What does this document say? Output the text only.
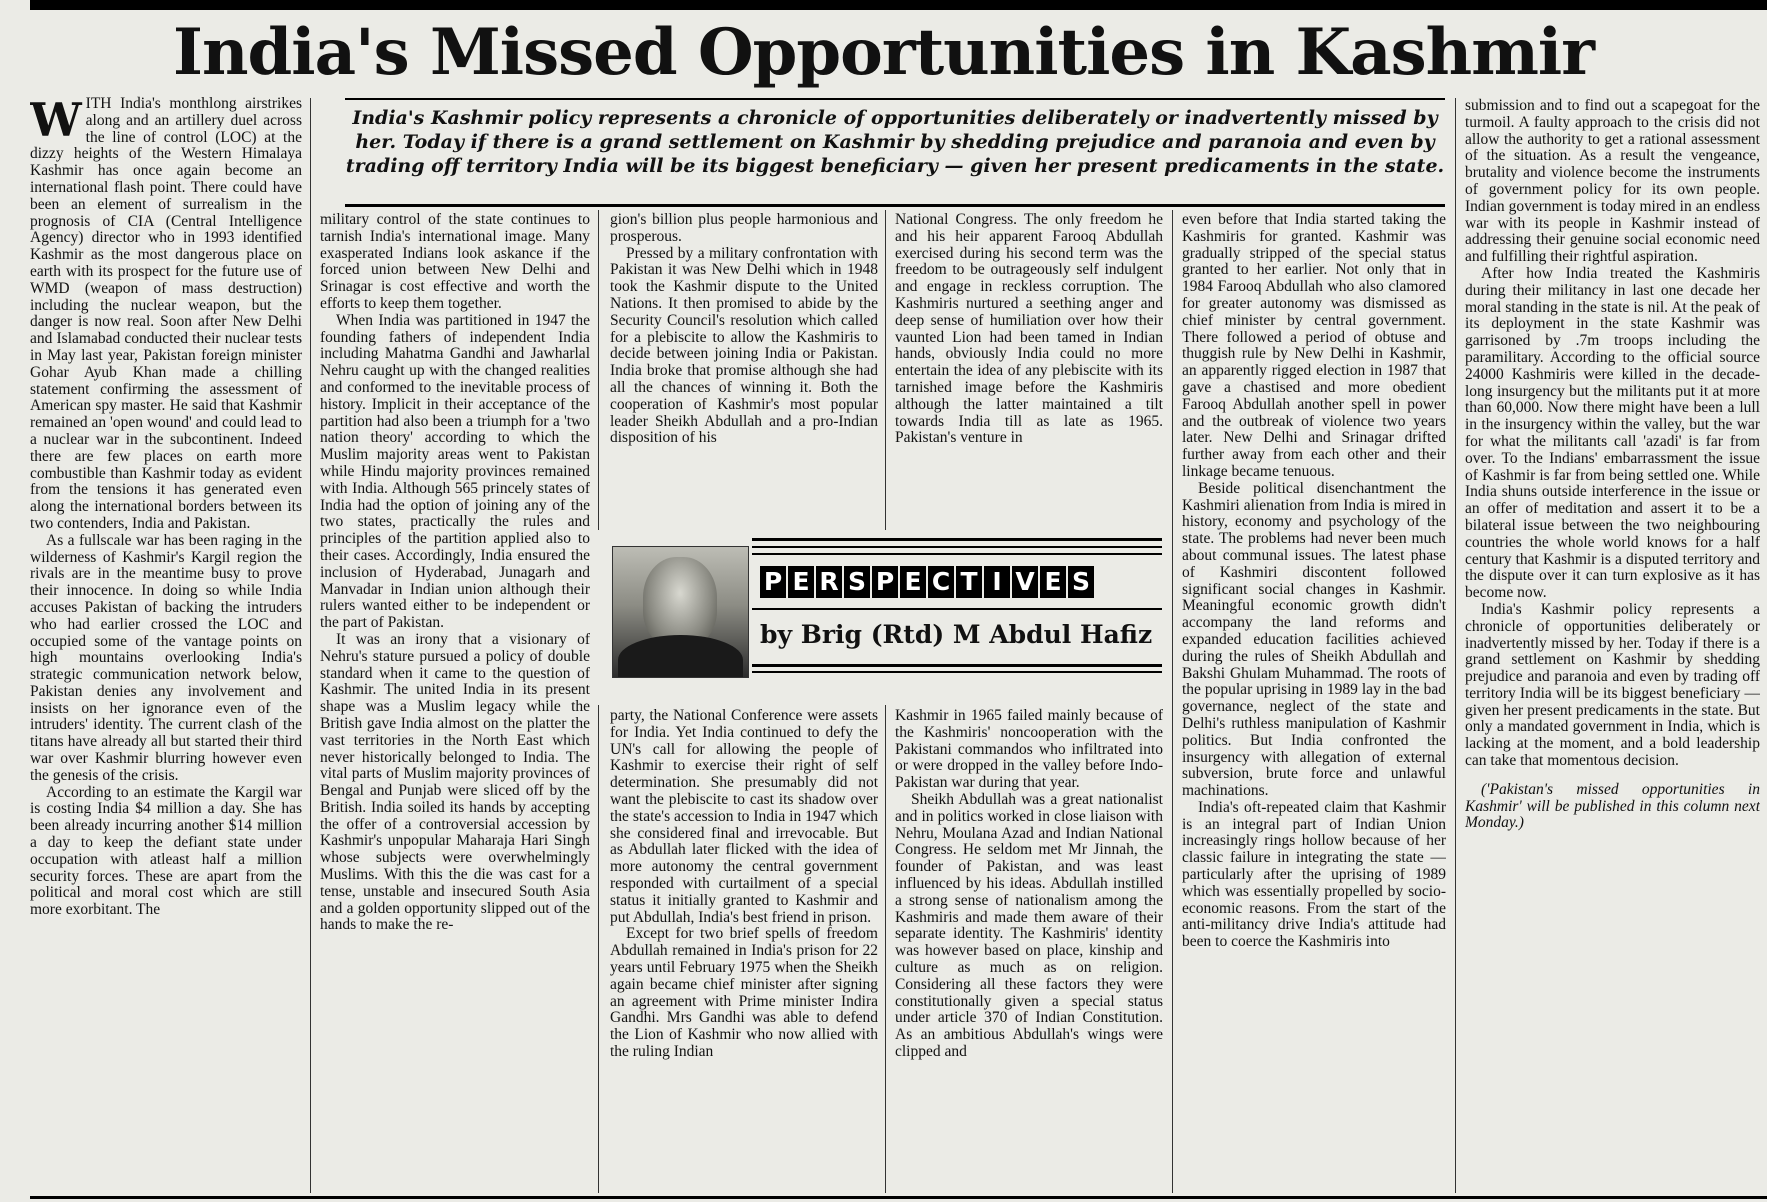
India's Missed Opportunities in Kashmir
India's Kashmir policy represents a chronicle of opportunities deliberately or inadvertently missed by her. Today if there is a grand settlement on Kashmir by shedding prejudice and paranoia and even by trading off territory India will be its biggest beneficiary — given her present predicaments in the state.

WITH India's monthlong airstrikes along and an artillery duel across the line of control (LOC) at the dizzy heights of the Western Himalaya Kashmir has once again become an international flash point. There could have been an element of surrealism in the prognosis of CIA (Central Intelligence Agency) director who in 1993 identified Kashmir as the most dangerous place on earth with its prospect for the future use of WMD (weapon of mass destruction) including the nuclear weapon, but the danger is now real. Soon after New Delhi and Islamabad conducted their nuclear tests in May last year, Pakistan foreign minister Gohar Ayub Khan made a chilling statement confirming the assessment of American spy master. He said that Kashmir remained an 'open wound' and could lead to a nuclear war in the subcontinent. Indeed there are few places on earth more combustible than Kashmir today as evident from the tensions it has generated even along the international borders between its two contenders, India and Pakistan.

As a fullscale war has been raging in the wilderness of Kashmir's Kargil region the rivals are in the meantime busy to prove their innocence. In doing so while India accuses Pakistan of backing the intruders who had earlier crossed the LOC and occupied some of the vantage points on high mountains overlooking India's strategic communication network below, Pakistan denies any involvement and insists on her ignorance even of the intruders' identity. The current clash of the titans have already all but started their third war over Kashmir blurring however even the genesis of the crisis.

According to an estimate the Kargil war is costing India $4 million a day. She has been already incurring another $14 million a day to keep the defiant state under occupation with atleast half a million security forces. These are apart from the political and moral cost which are still more exorbitant. The

military control of the state continues to tarnish India's international image. Many exasperated Indians look askance if the forced union between New Delhi and Srinagar is cost effective and worth the efforts to keep them together.

When India was partitioned in 1947 the founding fathers of independent India including Mahatma Gandhi and Jawharlal Nehru caught up with the changed realities and conformed to the inevitable process of history. Implicit in their acceptance of the partition had also been a triumph for a 'two nation theory' according to which the Muslim majority areas went to Pakistan while Hindu majority provinces remained with India. Although 565 princely states of India had the option of joining any of the two states, practically the rules and principles of the partition applied also to their cases. Accordingly, India ensured the inclusion of Hyderabad, Junagarh and Manvadar in Indian union although their rulers wanted either to be independent or the part of Pakistan.

It was an irony that a visionary of Nehru's stature pursued a policy of double standard when it came to the question of Kashmir. The united India in its present shape was a Muslim legacy while the British gave India almost on the platter the vast territories in the North East which never historically belonged to India. The vital parts of Muslim majority provinces of Bengal and Punjab were sliced off by the British. India soiled its hands by accepting the offer of a controversial accession by Kashmir's unpopular Maharaja Hari Singh whose subjects were overwhelmingly Muslims. With this the die was cast for a tense, unstable and insecured South Asia and a golden opportunity slipped out of the hands to make the re-

gion's billion plus people harmonious and prosperous.

Pressed by a military confrontation with Pakistan it was New Delhi which in 1948 took the Kashmir dispute to the United Nations. It then promised to abide by the Security Council's resolution which called for a plebiscite to allow the Kashmiris to decide between joining India or Pakistan. India broke that promise although she had all the chances of winning it. Both the cooperation of Kashmir's most popular leader Sheikh Abdullah and a pro-Indian disposition of his

National Congress. The only freedom he and his heir apparent Farooq Abdullah exercised during his second term was the freedom to be outrageously self indulgent and engage in reckless corruption. The Kashmiris nurtured a seething anger and deep sense of humiliation over how their vaunted Lion had been tamed in Indian hands, obviously India could no more entertain the idea of any plebiscite with its tarnished image before the Kashmiris although the latter maintained a tilt towards India till as late as 1965. Pakistan's venture in

P E R S P E C T I V E S
by Brig (Rtd) M Abdul Hafiz

party, the National Conference were assets for India. Yet India continued to defy the UN's call for allowing the people of Kashmir to exercise their right of self determination. She presumably did not want the plebiscite to cast its shadow over the state's accession to India in 1947 which she considered final and irrevocable. But as Abdullah later flicked with the idea of more autonomy the central government responded with curtailment of a special status it initially granted to Kashmir and put Abdullah, India's best friend in prison.

Except for two brief spells of freedom Abdullah remained in India's prison for 22 years until February 1975 when the Sheikh again became chief minister after signing an agreement with Prime minister Indira Gandhi. Mrs Gandhi was able to defend the Lion of Kashmir who now allied with the ruling Indian

Kashmir in 1965 failed mainly because of the Kashmiris' noncooperation with the Pakistani commandos who infiltrated into or were dropped in the valley before Indo-Pakistan war during that year.

Sheikh Abdullah was a great nationalist and in politics worked in close liaison with Nehru, Moulana Azad and Indian National Congress. He seldom met Mr Jinnah, the founder of Pakistan, and was least influenced by his ideas. Abdullah instilled a strong sense of nationalism among the Kashmiris and made them aware of their separate identity. The Kashmiris' identity was however based on place, kinship and culture as much as on religion. Considering all these factors they were constitutionally given a special status under article 370 of Indian Constitution. As an ambitious Abdullah's wings were clipped and

even before that India started taking the Kashmiris for granted. Kashmir was gradually stripped of the special status granted to her earlier. Not only that in 1984 Farooq Abdullah who also clamored for greater autonomy was dismissed as chief minister by central government. There followed a period of obtuse and thuggish rule by New Delhi in Kashmir, an apparently rigged election in 1987 that gave a chastised and more obedient Farooq Abdullah another spell in power and the outbreak of violence two years later. New Delhi and Srinagar drifted further away from each other and their linkage became tenuous.

Beside political disenchantment the Kashmiri alienation from India is mired in history, economy and psychology of the state. The problems had never been much about communal issues. The latest phase of Kashmiri discontent followed significant social changes in Kashmir. Meaningful economic growth didn't accompany the land reforms and expanded education facilities achieved during the rules of Sheikh Abdullah and Bakshi Ghulam Muhammad. The roots of the popular uprising in 1989 lay in the bad governance, neglect of the state and Delhi's ruthless manipulation of Kashmir politics. But India confronted the insurgency with allegation of external subversion, brute force and unlawful machinations.

India's oft-repeated claim that Kashmir is an integral part of Indian Union increasingly rings hollow because of her classic failure in integrating the state — particularly after the uprising of 1989 which was essentially propelled by socio-economic reasons. From the start of the anti-militancy drive India's attitude had been to coerce the Kashmiris into

submission and to find out a scapegoat for the turmoil. A faulty approach to the crisis did not allow the authority to get a rational assessment of the situation. As a result the vengeance, brutality and violence become the instruments of government policy for its own people. Indian government is today mired in an endless war with its people in Kashmir instead of addressing their genuine social economic need and fulfilling their rightful aspiration.

After how India treated the Kashmiris during their militancy in last one decade her moral standing in the state is nil. At the peak of its deployment in the state Kashmir was garrisoned by .7m troops including the paramilitary. According to the official source 24000 Kashmiris were killed in the decade-long insurgency but the militants put it at more than 60,000. Now there might have been a lull in the insurgency within the valley, but the war for what the militants call 'azadi' is far from over. To the Indians' embarrassment the issue of Kashmir is far from being settled one. While India shuns outside interference in the issue or an offer of meditation and assert it to be a bilateral issue between the two neighbouring countries the whole world knows for a half century that Kashmir is a disputed territory and the dispute over it can turn explosive as it has become now.

India's Kashmir policy represents a chronicle of opportunities deliberately or inadvertently missed by her. Today if there is a grand settlement on Kashmir by shedding prejudice and paranoia and even by trading off territory India will be its biggest beneficiary — given her present predicaments in the state. But only a mandated government in India, which is lacking at the moment, and a bold leadership can take that momentous decision.

('Pakistan's missed opportunities in Kashmir' will be published in this column next Monday.)
